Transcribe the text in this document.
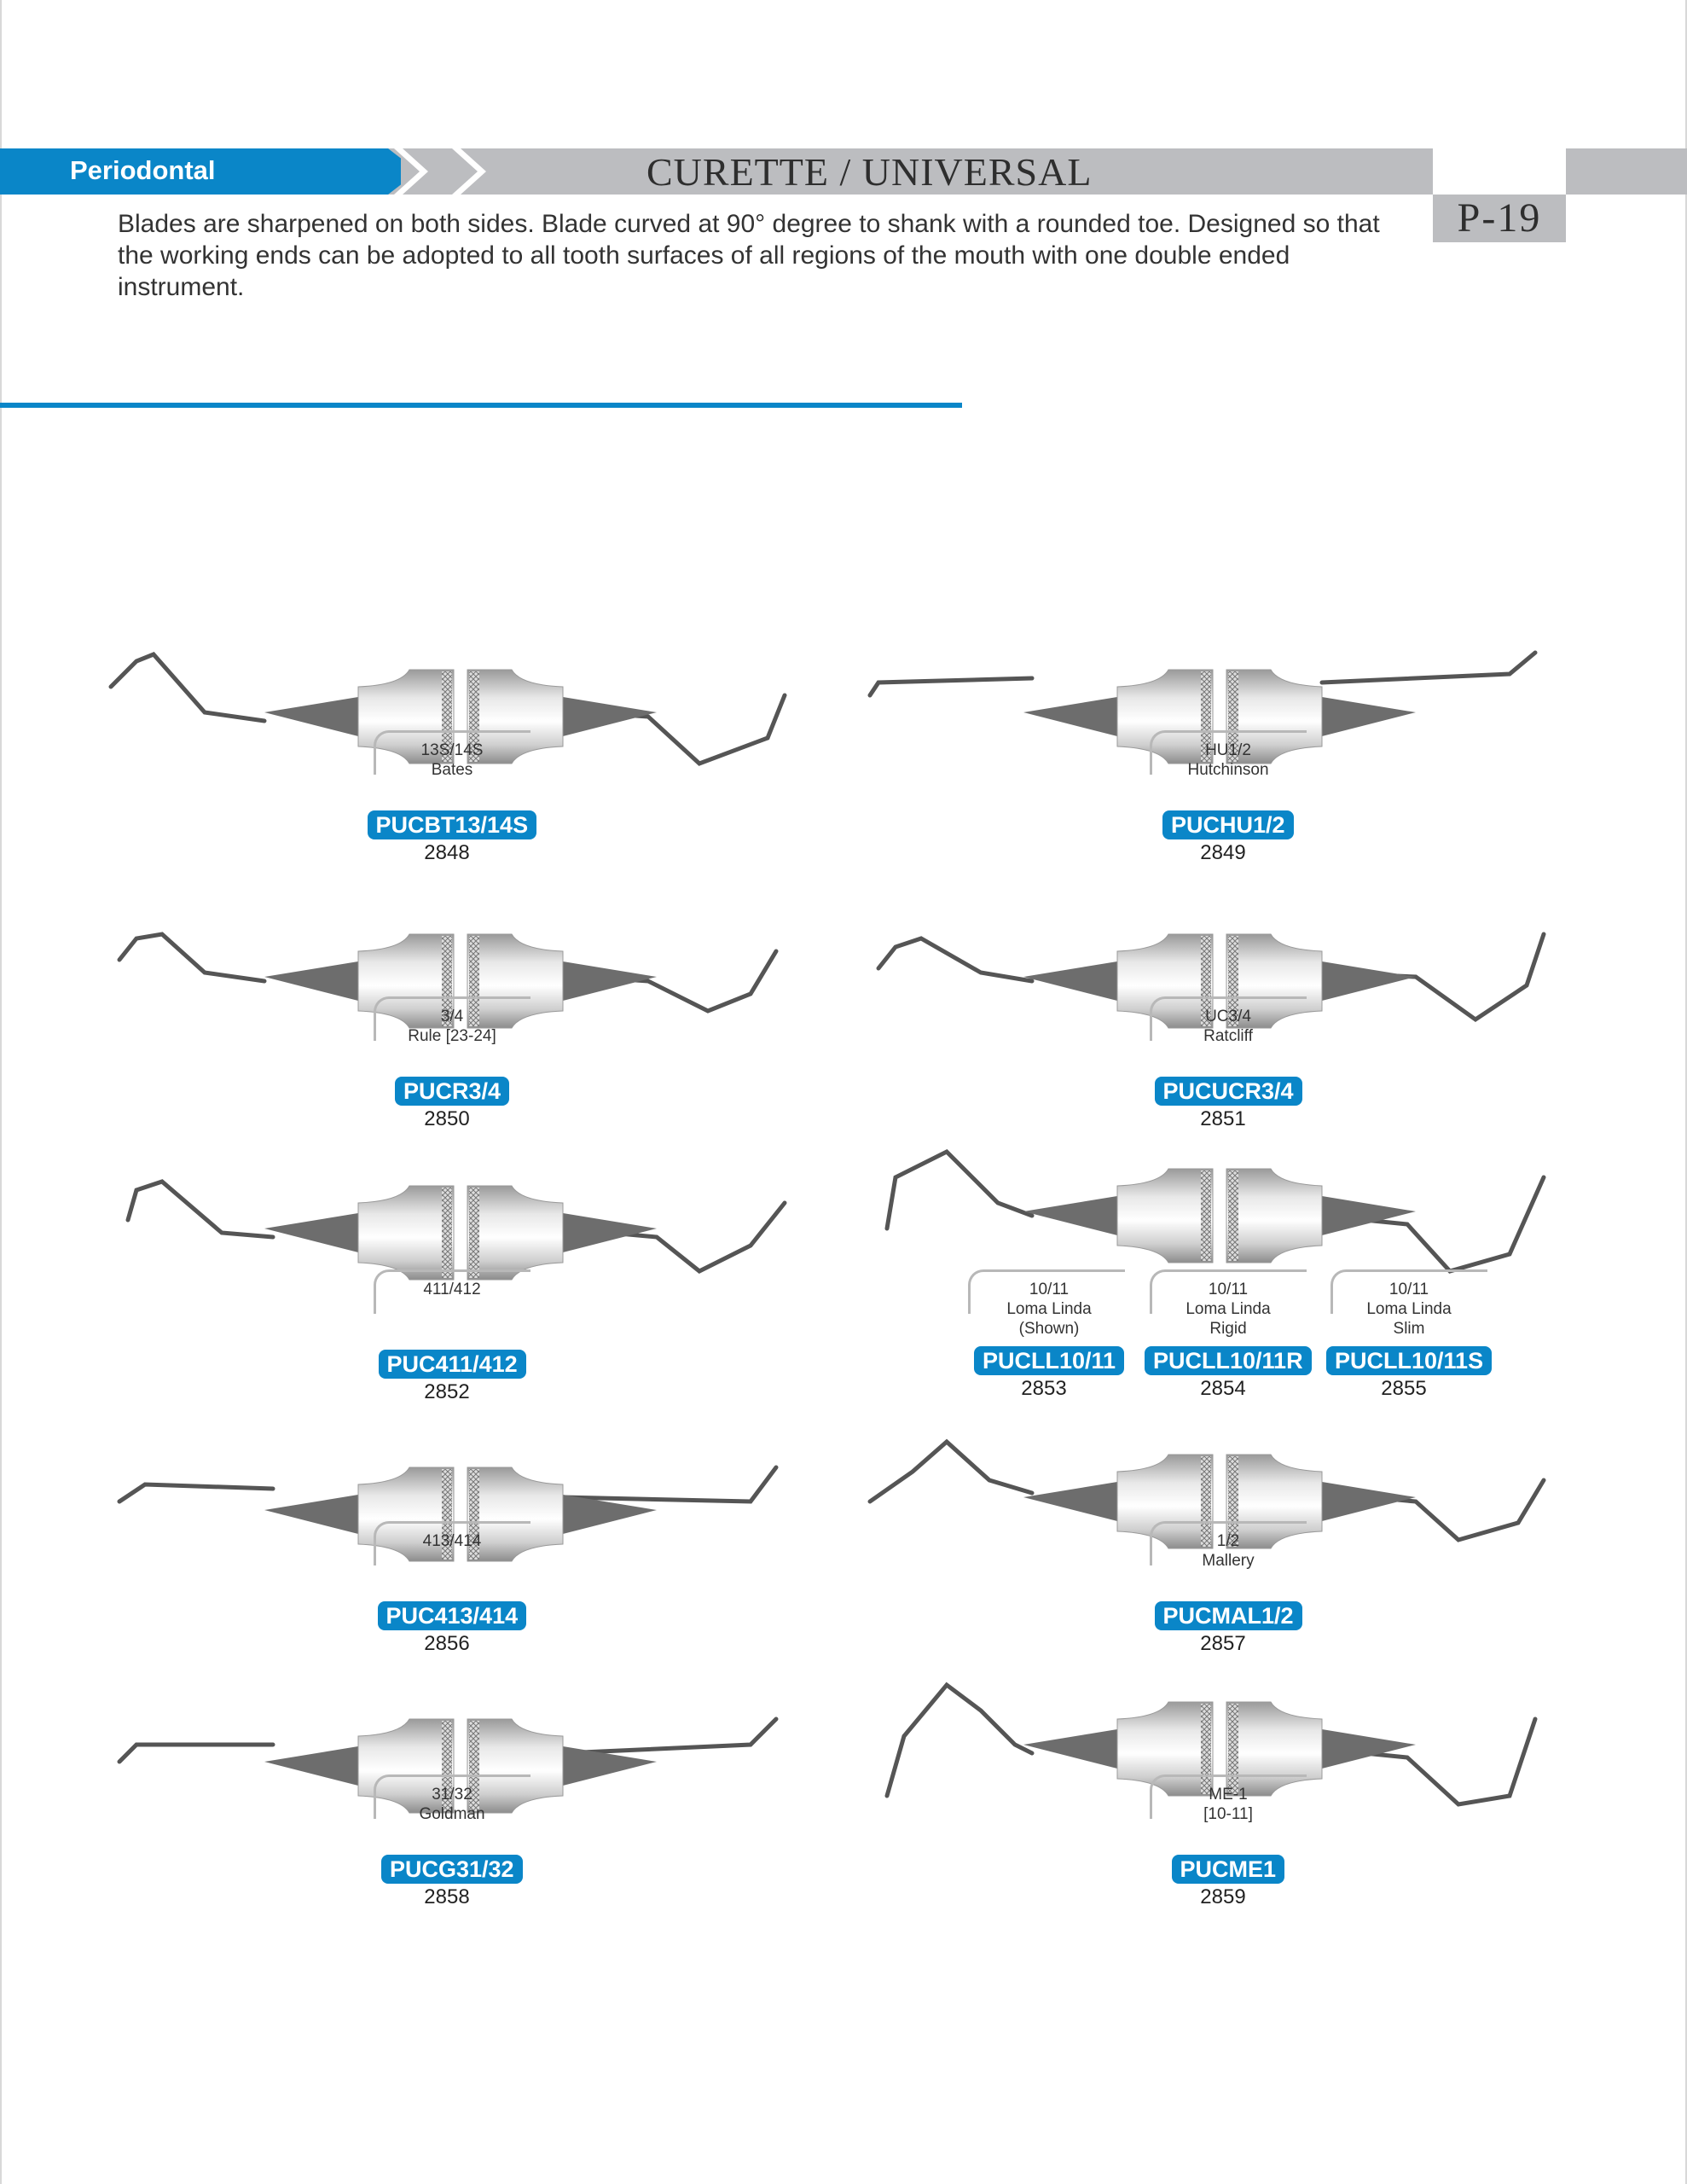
Periodontal	CURETTE / UNIVERSAL
P-19
Blades are sharpened on both sides. Blade curved at 90° degree to shank with a rounded toe. Designed so that the working ends can be adopted to all tooth surfaces of all regions of the mouth with one double ended instrument.
13S/14S
Bates
PUCBT13/14S
2848
HU1/2
Hutchinson
PUCHU1/2
2849
3/4
Rule [23-24]
PUCR3/4
2850
UC3/4
Ratcliff
PUCUCR3/4
2851
411/412
PUC411/412
2852
10/11
Loma Linda
(Shown)
PUCLL10/11
2853
10/11
Loma Linda
Rigid
PUCLL10/11R
2854
10/11
Loma Linda
Slim
PUCLL10/11S
2855
413/414
PUC413/414
2856
1/2
Mallery
PUCMAL1/2
2857
31/32
Goldman
PUCG31/32
2858
ME-1
[10-11]
PUCME1
2859
